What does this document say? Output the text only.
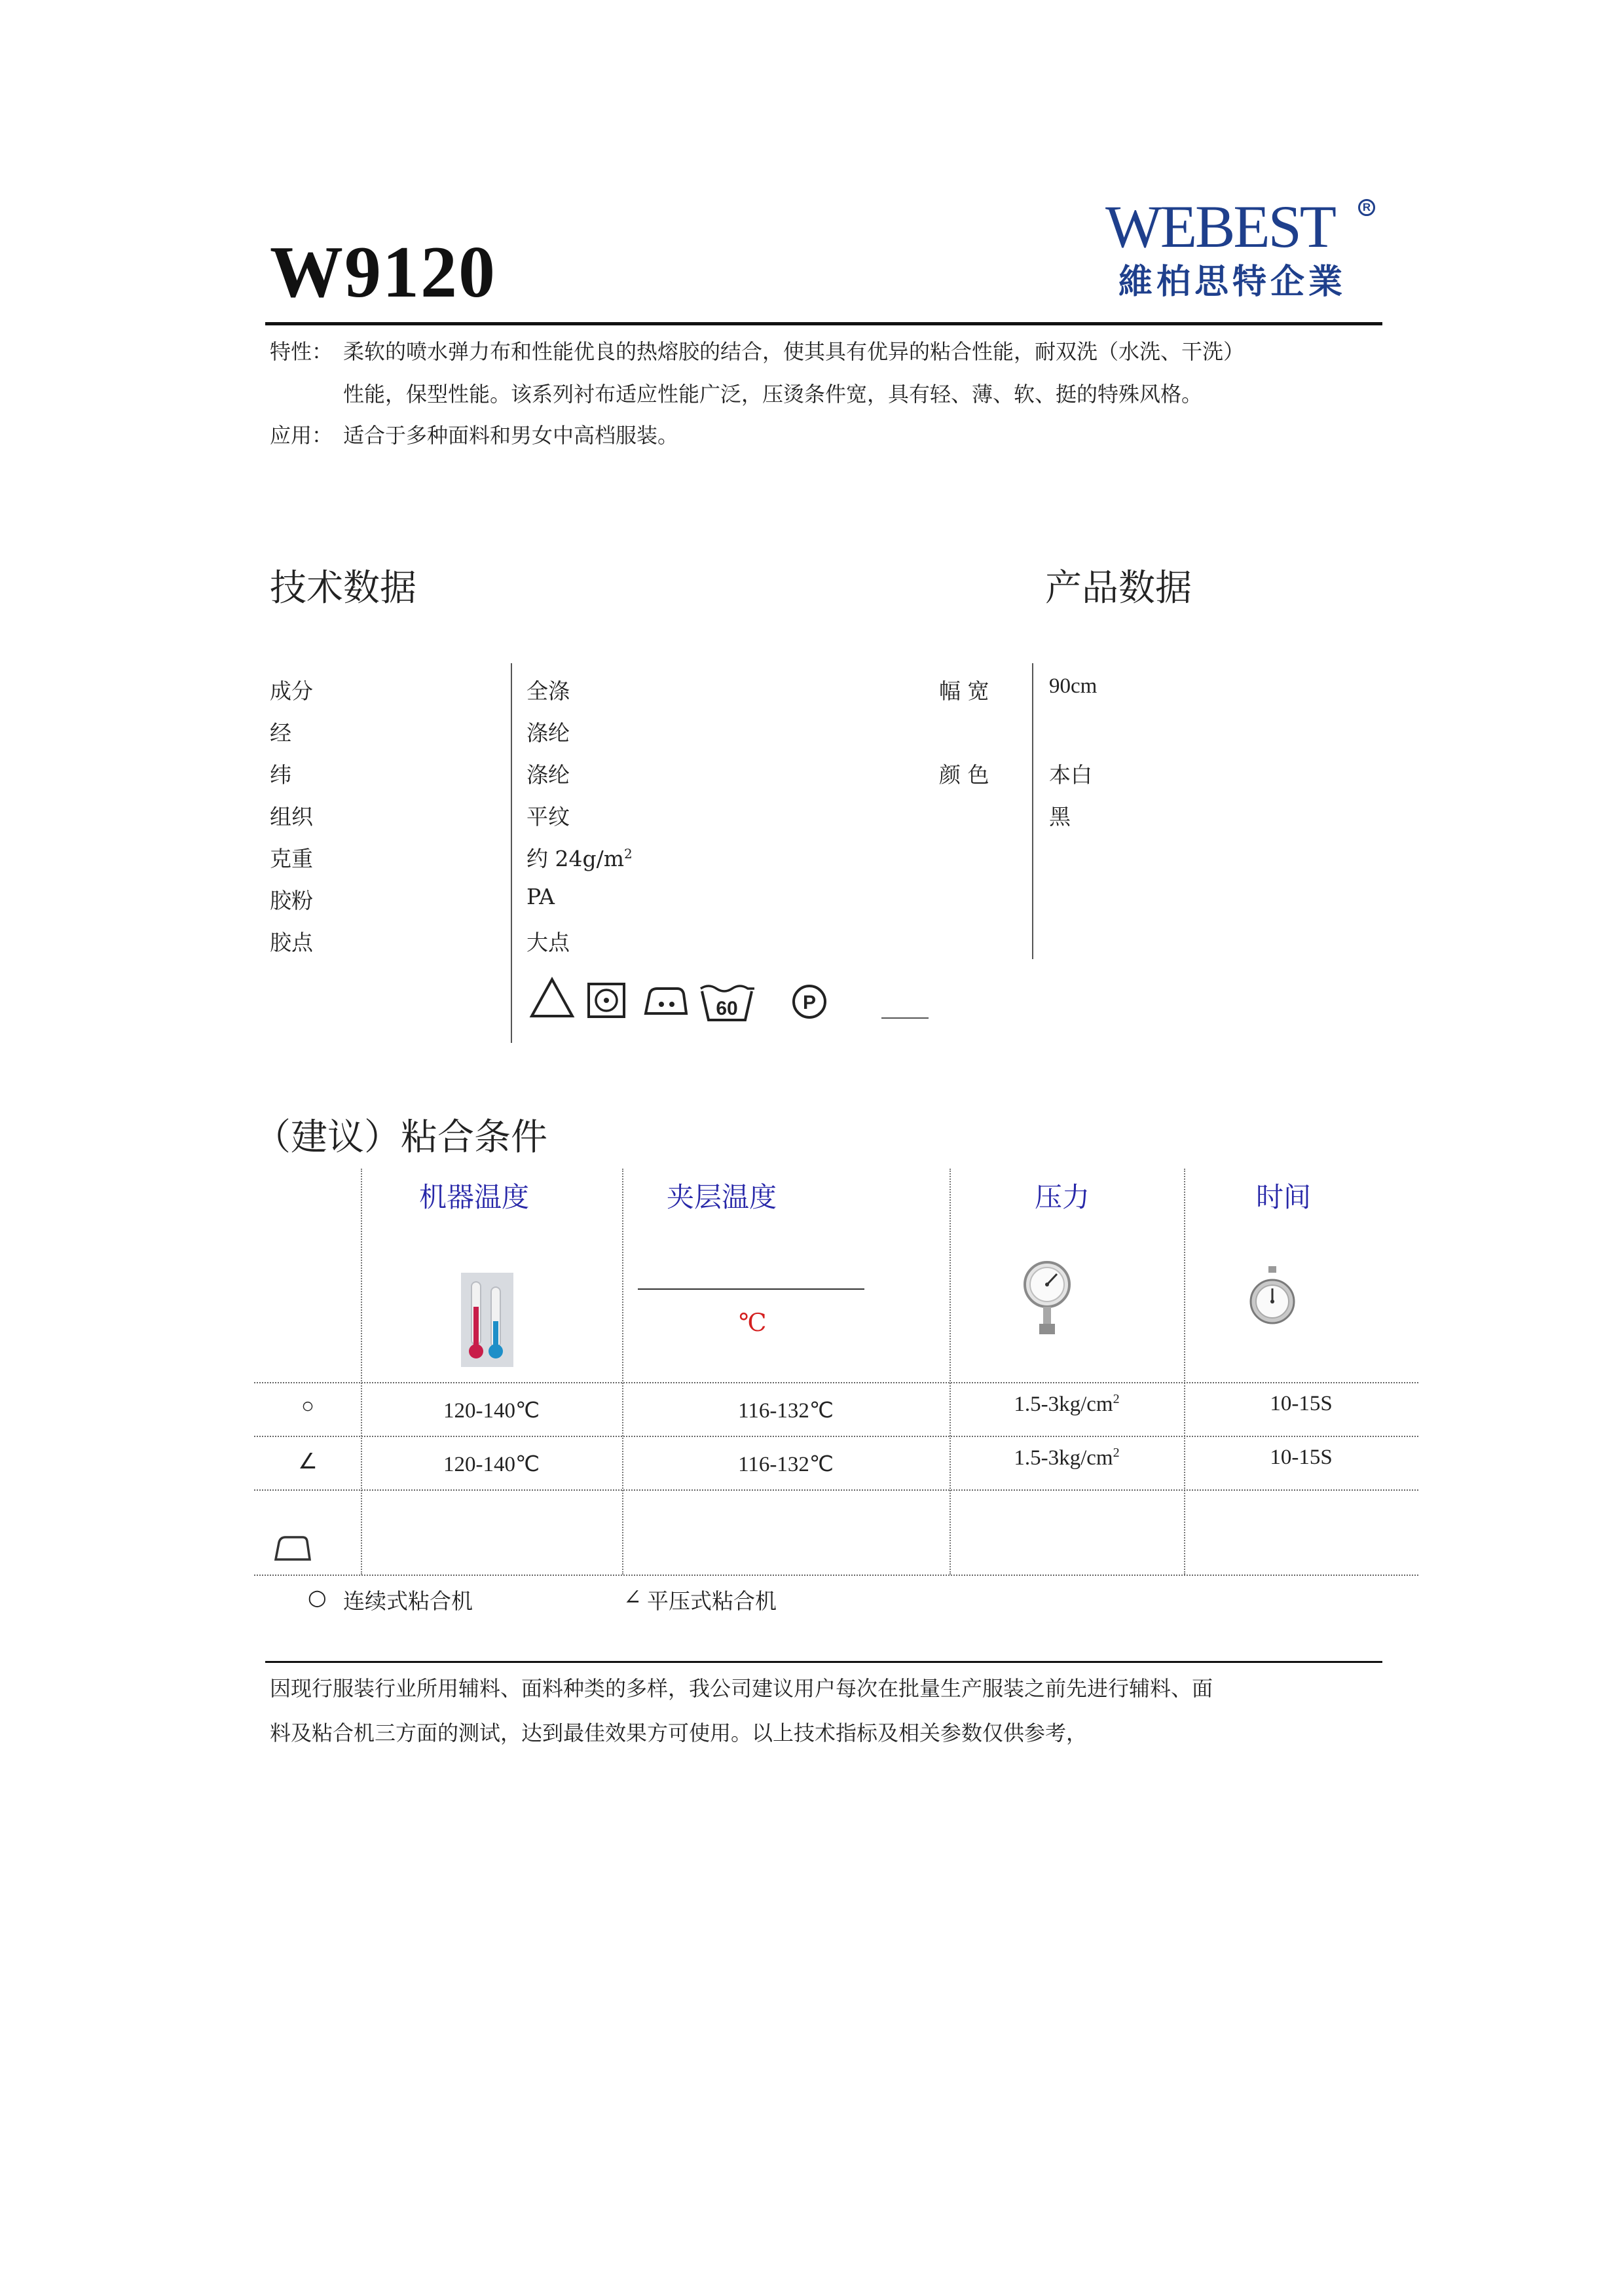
W9120
WEBEST	R
維柏思特企業
特性： 柔软的喷水弹力布和性能优良的热熔胶的结合，使其具有优异的粘合性能，耐双洗（水洗、干洗）
性能，保型性能。该系列衬布适应性能广泛，压烫条件宽，具有轻、薄、软、挺的特殊风格。
应用： 适合于多种面料和男女中高档服装。
技术数据	产品数据
成分	全涤
经	涤纶
纬	涤纶
组织	平纹
克重	约 $24g/m^2$
胶粉	PA
胶点	大点
幅 宽	90cm
颜 色	本白
黑
60	P
（建议）粘合条件
机器温度	夹层温度	压力	时间
℃
○	120-140℃	116-132℃	$1.5-3kg/cm^2$	10-15S
∠	120-140℃	116-132℃	$1.5-3kg/cm^2$	10-15S
○ 连续式粘合机	∠ 平压式粘合机
因现行服装行业所用辅料、面料种类的多样，我公司建议用户每次在批量生产服装之前先进行辅料、面
料及粘合机三方面的测试，达到最佳效果方可使用。以上技术指标及相关参数仅供参考，
